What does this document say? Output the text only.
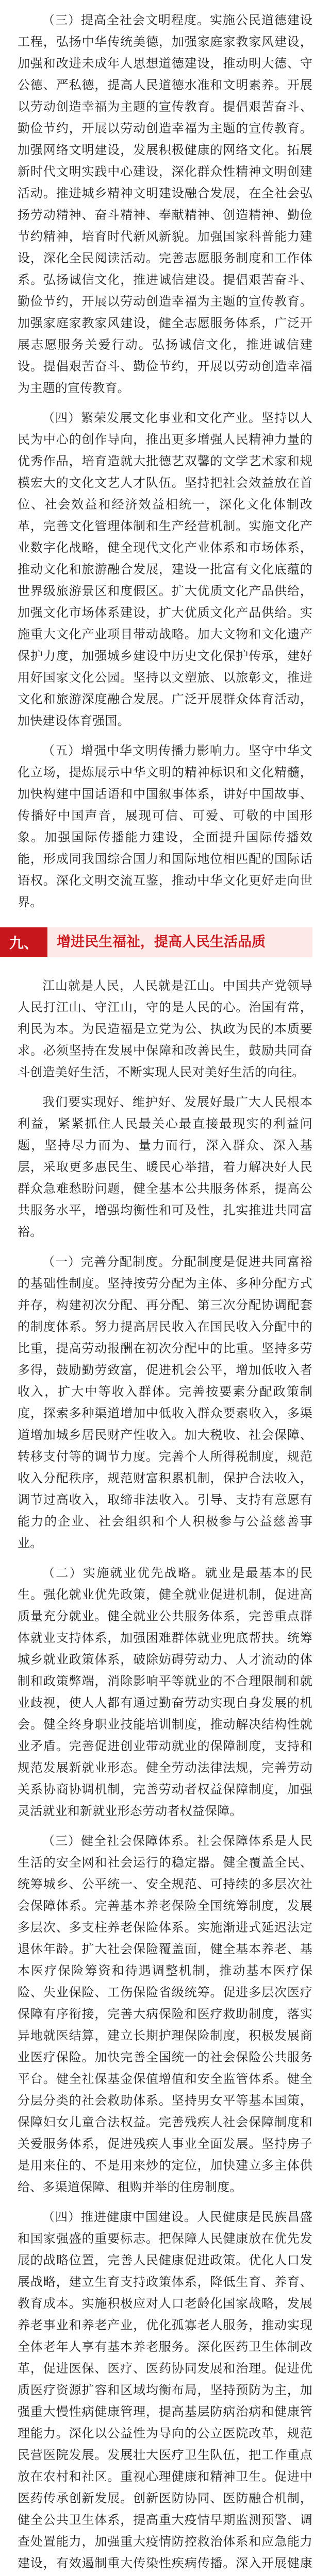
（三）提高全社会文明程度。实施公民道德建设工程，弘扬中华传统美德，加强家庭家教家风建设，加强和改进未成年人思想道德建设，推动明大德、守公德、严私德，提高人民道德水准和文明素养。开展以劳动创造幸福为主题的宣传教育。提倡艰苦奋斗、勤俭节约，开展以劳动创造幸福为主题的宣传教育。加强网络文明建设，发展积极健康的网络文化。拓展新时代文明实践中心建设，深化群众性精神文明创建活动。推进城乡精神文明建设融合发展，在全社会弘扬劳动精神、奋斗精神、奉献精神、创造精神、勤俭节约精神，培育时代新风新貌。加强国家科普能力建设，深化全民阅读活动。完善志愿服务制度和工作体系。弘扬诚信文化，推进诚信建设。提倡艰苦奋斗、勤俭节约，开展以劳动创造幸福为主题的宣传教育。加强家庭家教家风建设，健全志愿服务体系，广泛开展志愿服务关爱行动。弘扬诚信文化，推进诚信建设。提倡艰苦奋斗、勤俭节约，开展以劳动创造幸福为主题的宣传教育。

（四）繁荣发展文化事业和文化产业。坚持以人民为中心的创作导向，推出更多增强人民精神力量的优秀作品，培育造就大批德艺双馨的文学艺术家和规模宏大的文化文艺人才队伍。坚持把社会效益放在首位、社会效益和经济效益相统一，深化文化体制改革，完善文化管理体制和生产经营机制。实施文化产业数字化战略，健全现代文化产业体系和市场体系，推动文化和旅游融合发展，建设一批富有文化底蕴的世界级旅游景区和度假区。扩大优质文化产品供给，加强文化市场体系建设，扩大优质文化产品供给。实施重大文化产业项目带动战略。加大文物和文化遗产保护力度，加强城乡建设中历史文化保护传承，建好用好国家文化公园。坚持以文塑旅、以旅彰文，推进文化和旅游深度融合发展。广泛开展群众体育活动，加快建设体育强国。

（五）增强中华文明传播力影响力。坚守中华文化立场，提炼展示中华文明的精神标识和文化精髓，加快构建中国话语和中国叙事体系，讲好中国故事、传播好中国声音，展现可信、可爱、可敬的中国形象。加强国际传播能力建设，全面提升国际传播效能，形成同我国综合国力和国际地位相匹配的国际话语权。深化文明交流互鉴，推动中华文化更好走向世界。

九、	增进民生福祉，提高人民生活品质

江山就是人民，人民就是江山。中国共产党领导人民打江山、守江山，守的是人民的心。治国有常，利民为本。为民造福是立党为公、执政为民的本质要求。必须坚持在发展中保障和改善民生，鼓励共同奋斗创造美好生活，不断实现人民对美好生活的向往。

我们要实现好、维护好、发展好最广大人民根本利益，紧紧抓住人民最关心最直接最现实的利益问题，坚持尽力而为、量力而行，深入群众、深入基层，采取更多惠民生、暖民心举措，着力解决好人民群众急难愁盼问题，健全基本公共服务体系，提高公共服务水平，增强均衡性和可及性，扎实推进共同富裕。

（一）完善分配制度。分配制度是促进共同富裕的基础性制度。坚持按劳分配为主体、多种分配方式并存，构建初次分配、再分配、第三次分配协调配套的制度体系。努力提高居民收入在国民收入分配中的比重，提高劳动报酬在初次分配中的比重。坚持多劳多得，鼓励勤劳致富，促进机会公平，增加低收入者收入，扩大中等收入群体。完善按要素分配政策制度，探索多种渠道增加中低收入群众要素收入，多渠道增加城乡居民财产性收入。加大税收、社会保障、转移支付等的调节力度。完善个人所得税制度，规范收入分配秩序，规范财富积累机制，保护合法收入，调节过高收入，取缔非法收入。引导、支持有意愿有能力的企业、社会组织和个人积极参与公益慈善事业。

（二）实施就业优先战略。就业是最基本的民生。强化就业优先政策，健全就业促进机制，促进高质量充分就业。健全就业公共服务体系，完善重点群体就业支持体系，加强困难群体就业兜底帮扶。统筹城乡就业政策体系，破除妨碍劳动力、人才流动的体制和政策弊端，消除影响平等就业的不合理限制和就业歧视，使人人都有通过勤奋劳动实现自身发展的机会。健全终身职业技能培训制度，推动解决结构性就业矛盾。完善促进创业带动就业的保障制度，支持和规范发展新就业形态。健全劳动法律法规，完善劳动关系协商协调机制，完善劳动者权益保障制度，加强灵活就业和新就业形态劳动者权益保障。

（三）健全社会保障体系。社会保障体系是人民生活的安全网和社会运行的稳定器。健全覆盖全民、统筹城乡、公平统一、安全规范、可持续的多层次社会保障体系。完善基本养老保险全国统筹制度，发展多层次、多支柱养老保险体系。实施渐进式延迟法定退休年龄。扩大社会保险覆盖面，健全基本养老、基本医疗保险筹资和待遇调整机制，推动基本医疗保险、失业保险、工伤保险省级统筹。促进多层次医疗保障有序衔接，完善大病保险和医疗救助制度，落实异地就医结算，建立长期护理保险制度，积极发展商业医疗保险。加快完善全国统一的社会保险公共服务平台。健全社保基金保值增值和安全监管体系。健全分层分类的社会救助体系。坚持男女平等基本国策，保障妇女儿童合法权益。完善残疾人社会保障制度和关爱服务体系，促进残疾人事业全面发展。坚持房子是用来住的、不是用来炒的定位，加快建立多主体供给、多渠道保障、租购并举的住房制度。

（四）推进健康中国建设。人民健康是民族昌盛和国家强盛的重要标志。把保障人民健康放在优先发展的战略位置，完善人民健康促进政策。优化人口发展战略，建立生育支持政策体系，降低生育、养育、教育成本。实施积极应对人口老龄化国家战略，发展养老事业和养老产业，优化孤寡老人服务，推动实现全体老年人享有基本养老服务。深化医药卫生体制改革，促进医保、医疗、医药协同发展和治理。促进优质医疗资源扩容和区域均衡布局，坚持预防为主，加强重大慢性病健康管理，提高基层防病治病和健康管理能力。深化以公益性为导向的公立医院改革，规范民营医院发展。发展壮大医疗卫生队伍，把工作重点放在农村和社区。重视心理健康和精神卫生。促进中医药传承创新发展。创新医防协同、医防融合机制，健全公共卫生体系，提高重大疫情早期监测预警、调查处置能力，加强重大疫情防控救治体系和应急能力建设，有效遏制重大传染性疾病传播。深入开展健康
